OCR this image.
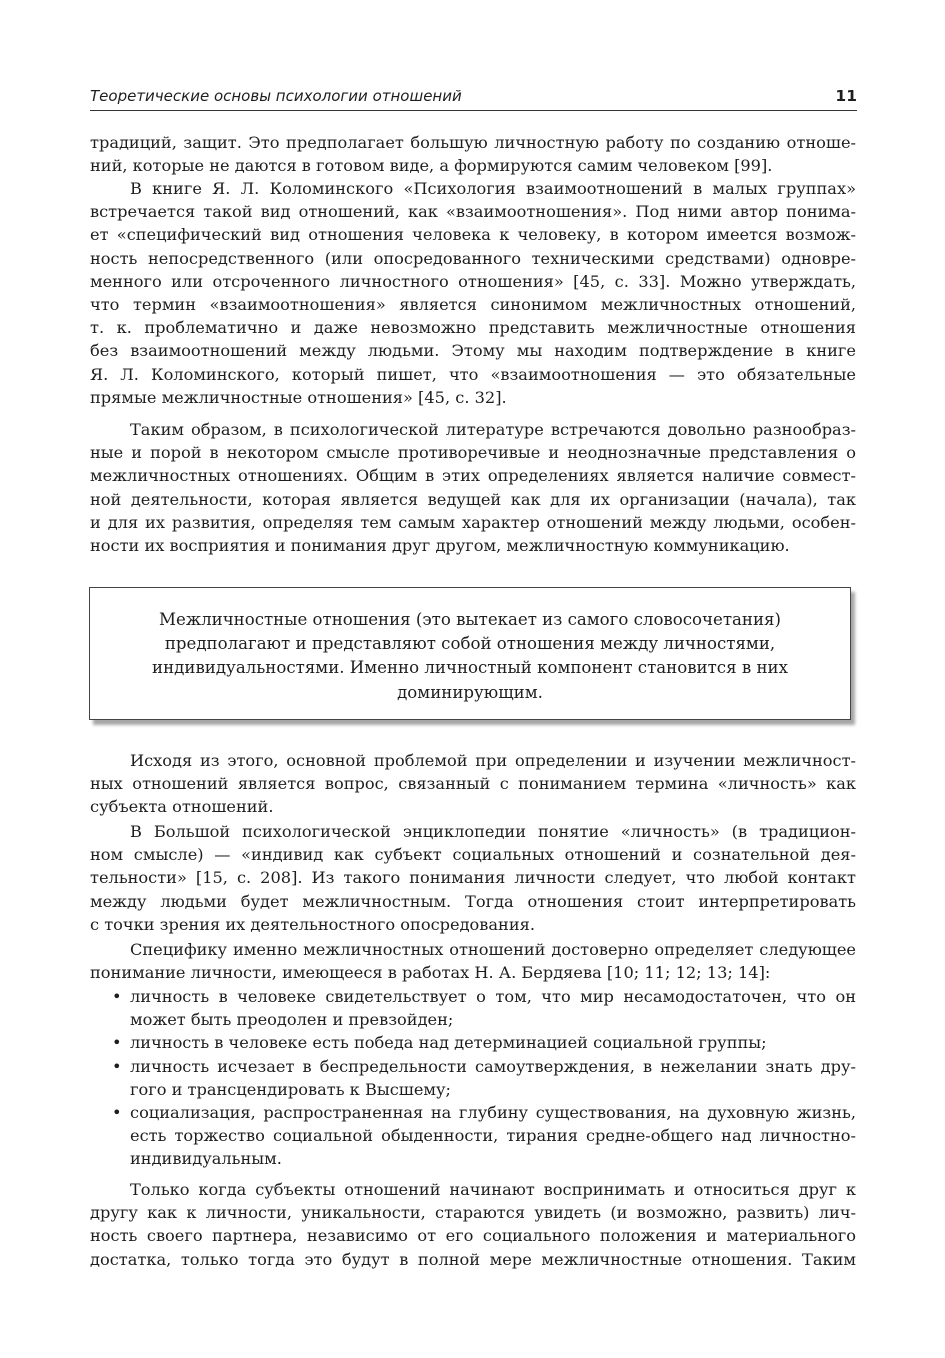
Теоретические основы психологии отношений	11
традиций, защит. Это предполагает большую личностную работу по созданию отноше-
ний, которые не даются в готовом виде, а формируются самим человеком [99].
В книге Я. Л. Коломинского «Психология взаимоотношений в малых группах»
встречается такой вид отношений, как «взаимоотношения». Под ними автор понима-
ет «специфический вид отношения человека к человеку, в котором имеется возмож-
ность непосредственного (или опосредованного техническими средствами) одновре-
менного или отсроченного личностного отношения» [45, с. 33]. Можно утверждать,
что термин «взаимоотношения» является синонимом межличностных отношений,
т. к. проблематично и даже невозможно представить межличностные отношения
без взаимоотношений между людьми. Этому мы находим подтверждение в книге
Я. Л. Коломинского, который пишет, что «взаимоотношения — это обязательные
прямые межличностные отношения» [45, с. 32].
Таким образом, в психологической литературе встречаются довольно разнообраз-
ные и порой в некотором смысле противоречивые и неоднозначные представления о
межличностных отношениях. Общим в этих определениях является наличие совмест-
ной деятельности, которая является ведущей как для их организации (начала), так
и для их развития, определяя тем самым характер отношений между людьми, особен-
ности их восприятия и понимания друг другом, межличностную коммуникацию.
Межличностные отношения (это вытекает из самого словосочетания)
предполагают и представляют собой отношения между личностями,
индивидуальностями. Именно личностный компонент становится в них
доминирующим.
Исходя из этого, основной проблемой при определении и изучении межличност-
ных отношений является вопрос, связанный с пониманием термина «личность» как
субъекта отношений.
В Большой психологической энциклопедии понятие «личность» (в традицион-
ном смысле) — «индивид как субъект социальных отношений и сознательной дея-
тельности» [15, с. 208]. Из такого понимания личности следует, что любой контакт
между людьми будет межличностным. Тогда отношения стоит интерпретировать
с точки зрения их деятельностного опосредования.
Специфику именно межличностных отношений достоверно определяет следующее
понимание личности, имеющееся в работах Н. А. Бердяева [10; 11; 12; 13; 14]:
• личность в человеке свидетельствует о том, что мир несамодостаточен, что он
может быть преодолен и превзойден;
• личность в человеке есть победа над детерминацией социальной группы;
• личность исчезает в беспредельности самоутверждения, в нежелании знать дру-
гого и трансцендировать к Высшему;
• социализация, распространенная на глубину существования, на духовную жизнь,
есть торжество социальной обыденности, тирания средне-общего над личностно-
индивидуальным.
Только когда субъекты отношений начинают воспринимать и относиться друг к
другу как к личности, уникальности, стараются увидеть (и возможно, развить) лич-
ность своего партнера, независимо от его социального положения и материального
достатка, только тогда это будут в полной мере межличностные отношения. Таким
